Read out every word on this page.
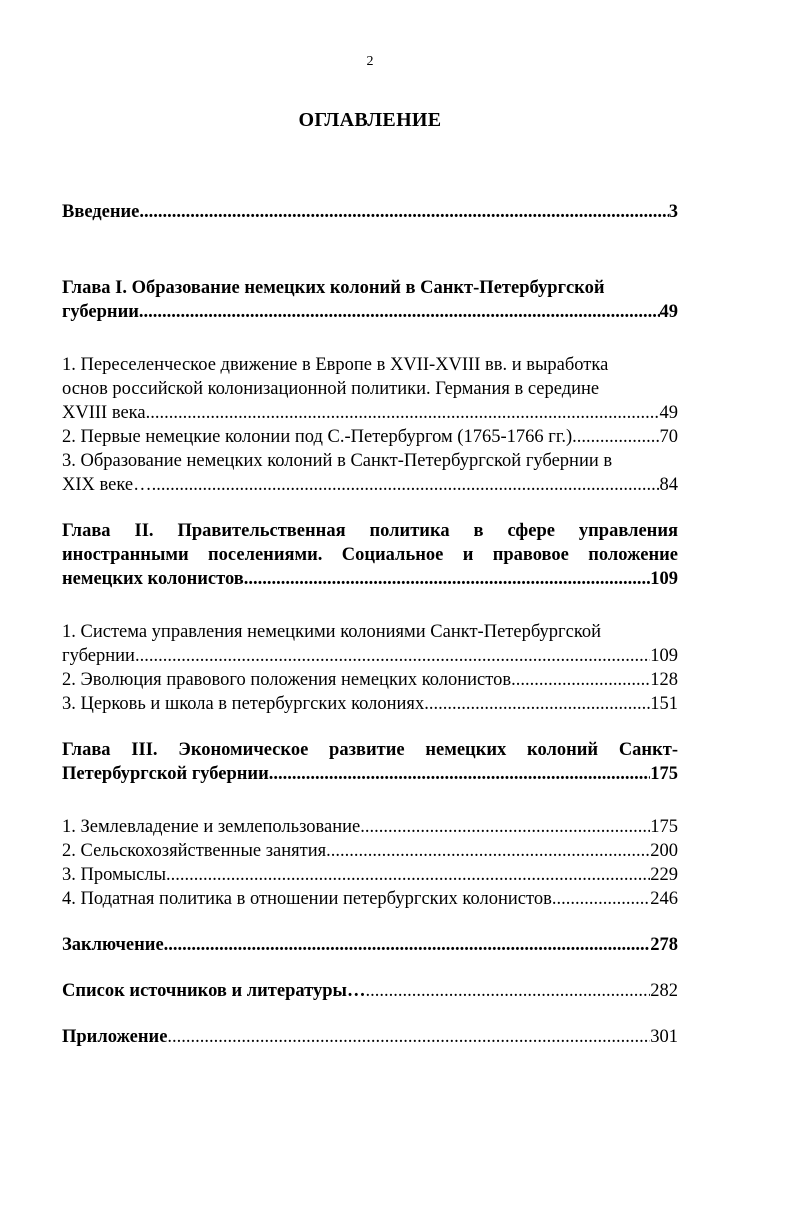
2
ОГЛАВЛЕНИЕ
Введение .....	3
Глава I. Образование немецких колоний в Санкт-Петербургской
губернии .....	49
1. Переселенческое движение в Европе в XVII-XVIII вв. и выработка
основ российской колонизационной политики. Германия в середине
XVIII века .....	49
2. Первые немецкие колонии под С.-Петербургом (1765-1766 гг.) .....	70
3. Образование немецких колоний в Санкт-Петербургской губернии в
XIX веке… .....	84
Глава II. Правительственная политика в сфере управления
иностранными поселениями. Социальное и правовое положение
немецких колонистов .....	109
1. Система управления немецкими колониями Санкт-Петербургской
губернии .....	109
2. Эволюция правового положения немецких колонистов .....	128
3. Церковь и школа в петербургских колониях .....	151
Глава III. Экономическое развитие немецких колоний Санкт-
Петербургской губернии .....	175
1. Землевладение и землепользование .....	175
2. Сельскохозяйственные занятия .....	200
3. Промыслы .....	229
4. Податная политика в отношении петербургских колонистов .....	246
Заключение .....	278
Список источников и литературы… .....	282
Приложение .....	301
